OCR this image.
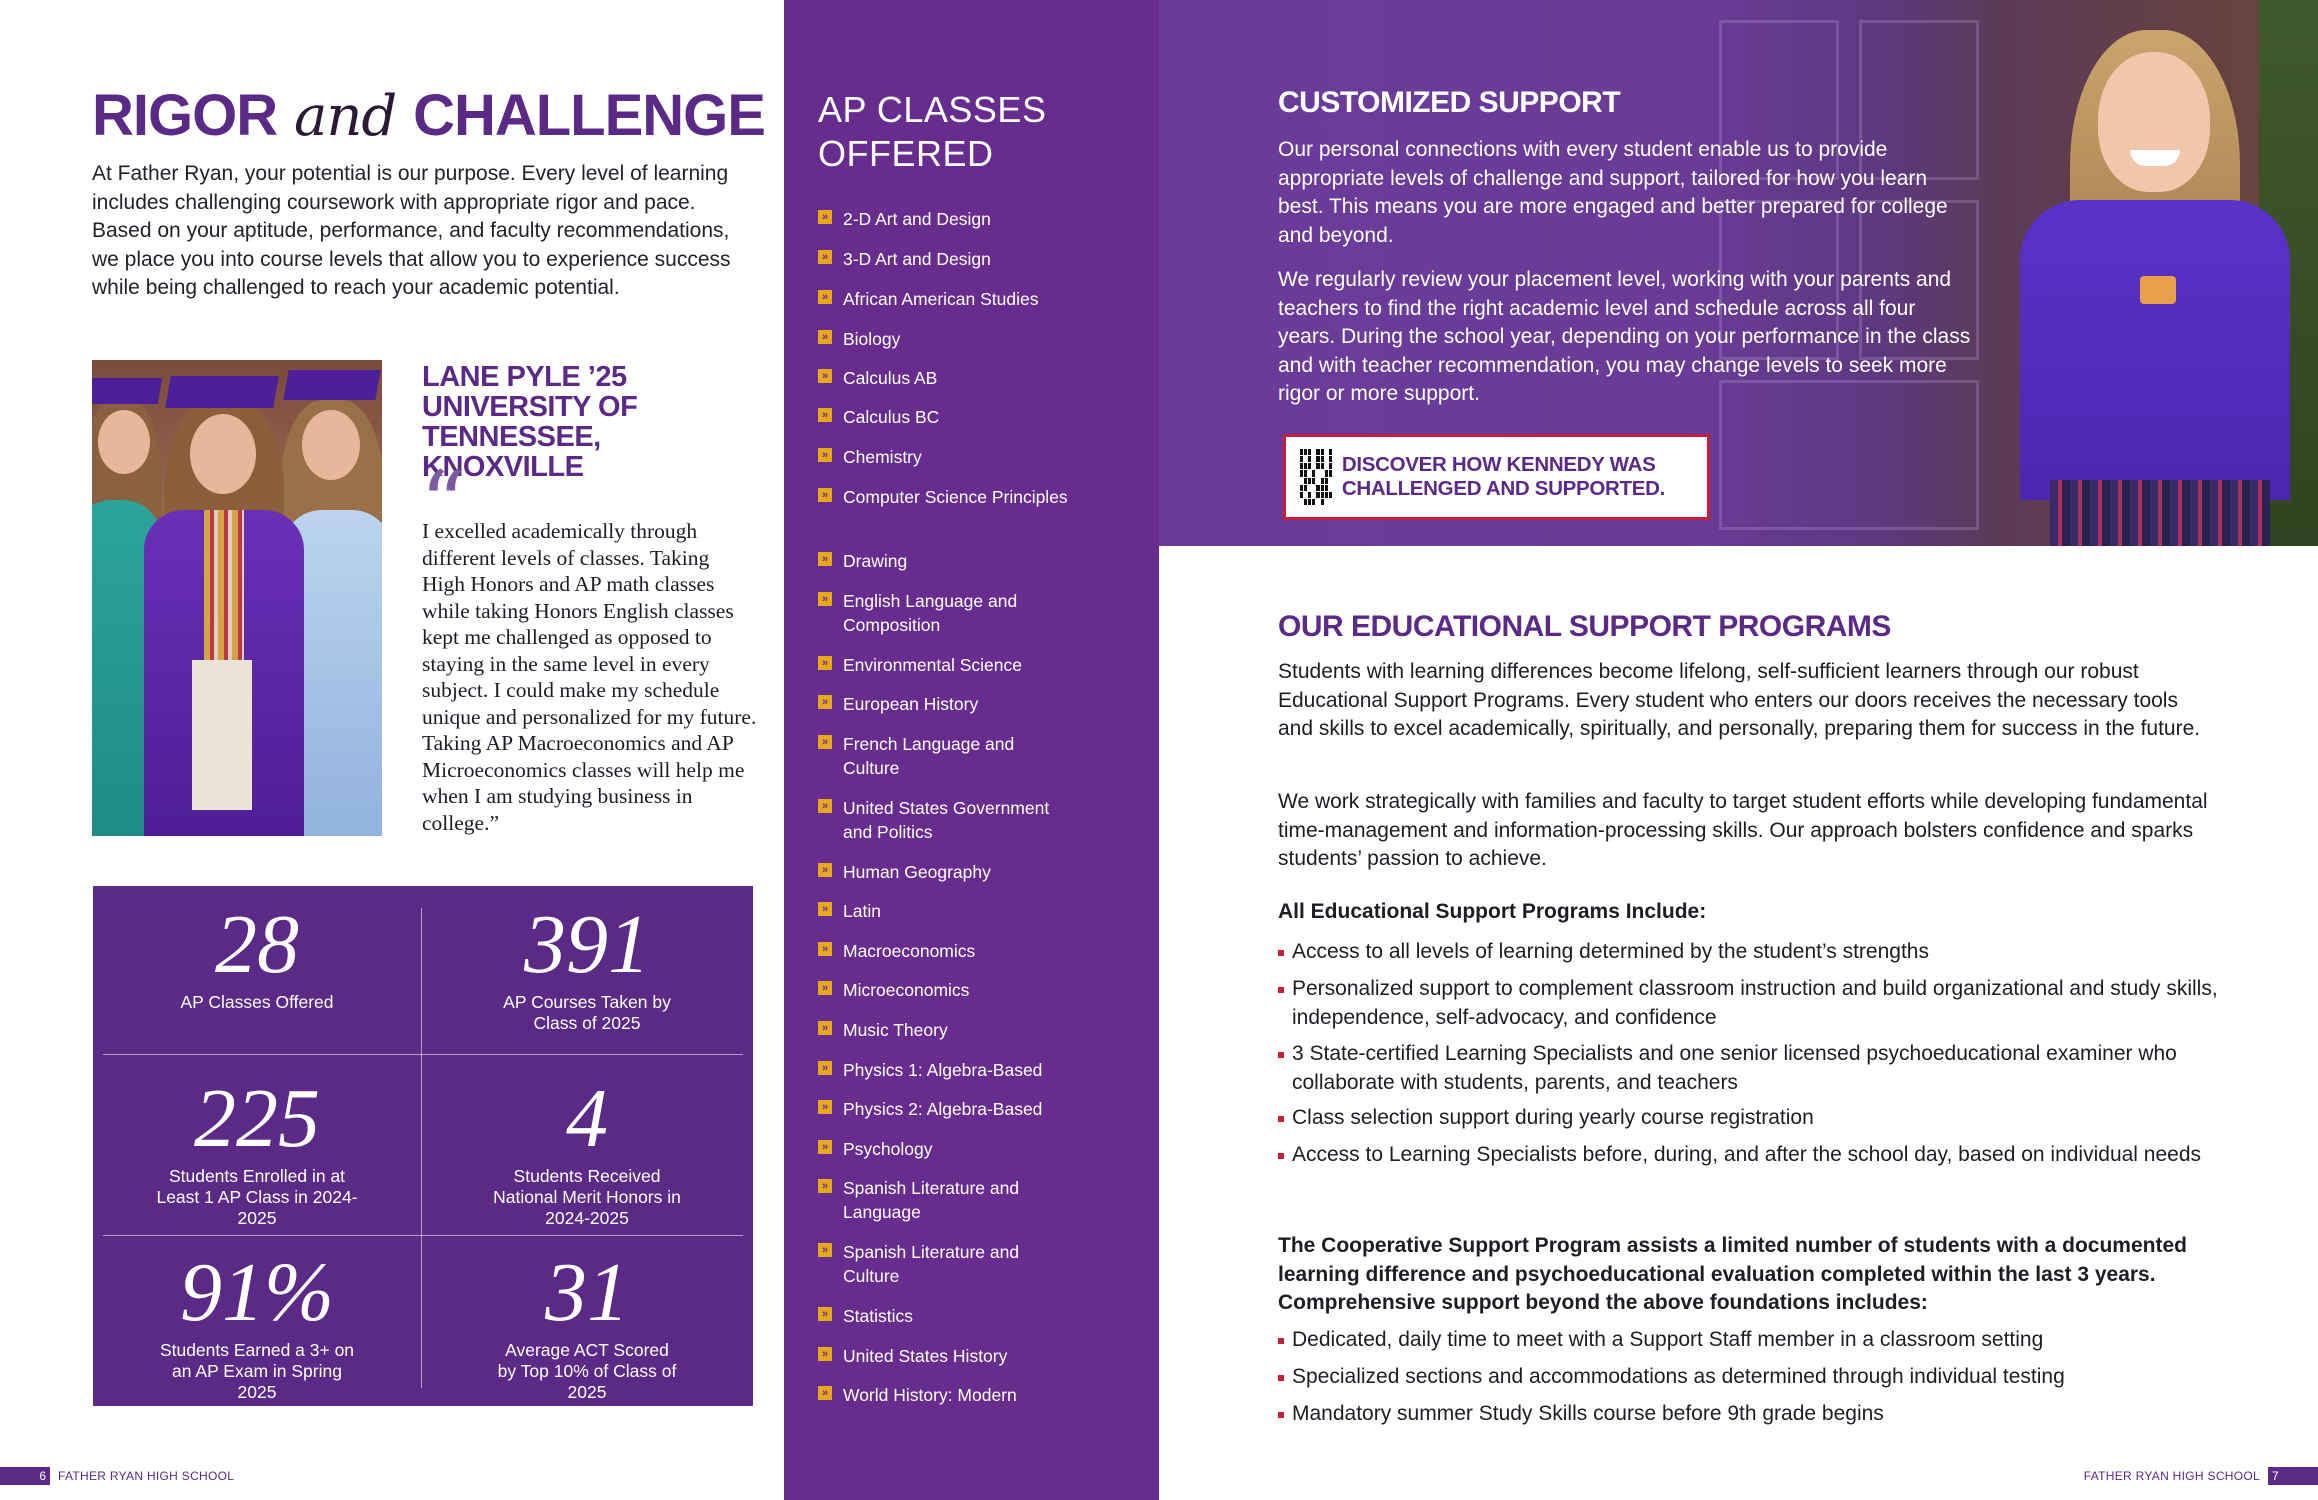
RIGOR and CHALLENGE

At Father Ryan, your potential is our purpose. Every level of learning includes challenging coursework with appropriate rigor and pace. Based on your aptitude, performance, and faculty recommendations, we place you into course levels that allow you to experience success while being challenged to reach your academic potential.

LANE PYLE ’25 UNIVERSITY OF TENNESSEE, KNOXVILLE
“

I excelled academically through different levels of classes. Taking High Honors and AP math classes while taking Honors English classes kept me challenged as opposed to staying in the same level in every subject. I could make my schedule unique and personalized for my future. Taking AP Macroeconomics and AP Microeconomics classes will help me when I am studying business in college.”

28
AP Classes Offered
391
AP Courses Taken by Class of 2025
225
Students Enrolled in at Least 1 AP Class in 2024-2025
4
Students Received National Merit Honors in 2024-2025
91%
Students Earned a 3+ on an AP Exam in Spring 2025
31
Average ACT Scored by Top 10% of Class of 2025
6	FATHER RYAN HIGH SCHOOL
AP CLASSES
OFFERED
» 2-D Art and Design
» 3-D Art and Design
» African American Studies
» Biology
» Calculus AB
» Calculus BC
» Chemistry
» Computer Science Principles
» Drawing
» English Language and Composition
» Environmental Science
» European History
» French Language and Culture
» United States Government and Politics
» Human Geography
» Latin
» Macroeconomics
» Microeconomics
» Music Theory
» Physics 1: Algebra-Based
» Physics 2: Algebra-Based
» Psychology
» Spanish Literature and Language
» Spanish Literature and Culture
» Statistics
» United States History
» World History: Modern
CUSTOMIZED SUPPORT

Our personal connections with every student enable us to provide appropriate levels of challenge and support, tailored for how you learn best. This means you are more engaged and better prepared for college and beyond.

We regularly review your placement level, working with your parents and teachers to find the right academic level and schedule across all four years. During the school year, depending on your performance in the class and with teacher recommendation, you may change levels to seek more rigor or more support.

DISCOVER HOW KENNEDY WAS CHALLENGED AND SUPPORTED.
OUR EDUCATIONAL SUPPORT PROGRAMS

Students with learning differences become lifelong, self-sufficient learners through our robust Educational Support Programs. Every student who enters our doors receives the necessary tools and skills to excel academically, spiritually, and personally, preparing them for success in the future.

We work strategically with families and faculty to target student efforts while developing fundamental time-management and information-processing skills. Our approach bolsters confidence and sparks students’ passion to achieve.

All Educational Support Programs Include:
Access to all levels of learning determined by the student’s strengths
Personalized support to complement classroom instruction and build organizational and study skills, independence, self-advocacy, and confidence
3 State-certified Learning Specialists and one senior licensed psychoeducational examiner who collaborate with students, parents, and teachers
Class selection support during yearly course registration
Access to Learning Specialists before, during, and after the school day, based on individual needs
The Cooperative Support Program assists a limited number of students with a documented learning difference and psychoeducational evaluation completed within the last 3 years. Comprehensive support beyond the above foundations includes:
Dedicated, daily time to meet with a Support Staff member in a classroom setting
Specialized sections and accommodations as determined through individual testing
Mandatory summer Study Skills course before 9th grade begins
FATHER RYAN HIGH SCHOOL	7
